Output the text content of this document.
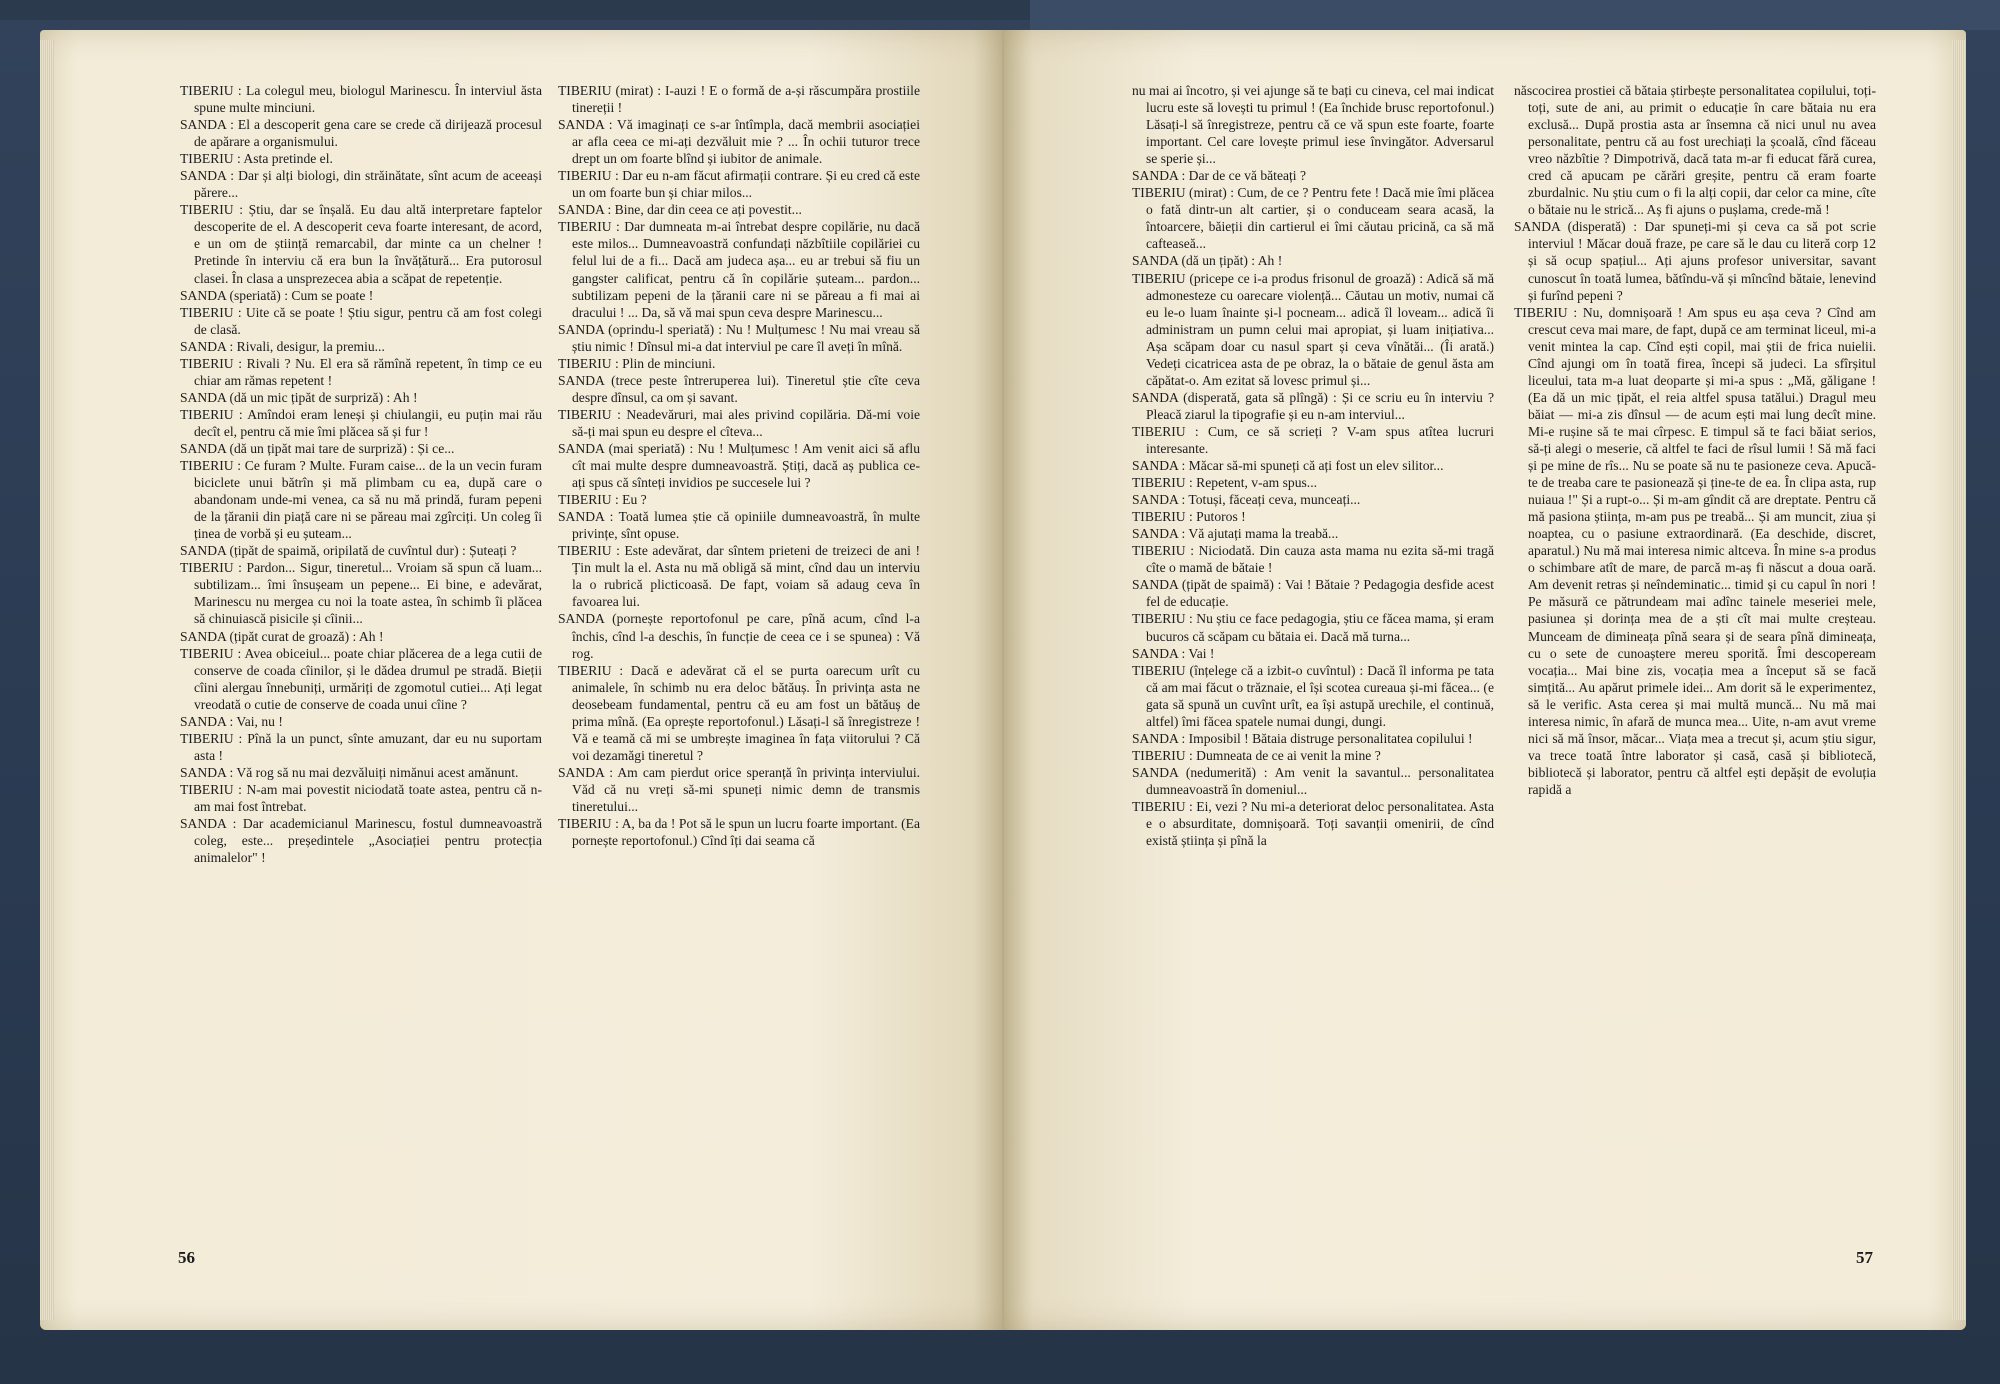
TIBERIU : La colegul meu, biologul Marinescu. În interviul ăsta spune multe minciuni.

SANDA : El a descoperit gena care se crede că dirijează procesul de apărare a organismului.

TIBERIU : Asta pretinde el.

SANDA : Dar și alți biologi, din străinătate, sînt acum de aceeași părere...

TIBERIU : Știu, dar se înșală. Eu dau altă interpretare faptelor descoperite de el. A descoperit ceva foarte interesant, de acord, e un om de știință remarcabil, dar minte ca un chelner ! Pretinde în interviu că era bun la învățătură... Era putorosul clasei. În clasa a unsprezecea abia a scăpat de repetenție.

SANDA (speriată) : Cum se poate !

TIBERIU : Uite că se poate ! Știu sigur, pentru că am fost colegi de clasă.

SANDA : Rivali, desigur, la premiu...

TIBERIU : Rivali ? Nu. El era să rămînă repetent, în timp ce eu chiar am rămas repetent !

SANDA (dă un mic țipăt de surpriză) : Ah !

TIBERIU : Amîndoi eram leneși și chiulangii, eu puțin mai rău decît el, pentru că mie îmi plăcea să și fur !

SANDA (dă un țipăt mai tare de surpriză) : Și ce...

TIBERIU : Ce furam ? Multe. Furam caise... de la un vecin furam biciclete unui bătrîn și mă plimbam cu ea, după care o abandonam unde-mi venea, ca să nu mă prindă, furam pepeni de la țăranii din piață care ni se păreau mai zgîrciți. Un coleg îi ținea de vorbă și eu șuteam...

SANDA (țipăt de spaimă, oripilată de cuvîntul dur) : Șuteați ?

TIBERIU : Pardon... Sigur, tineretul... Vroiam să spun că luam... subtilizam... îmi însușeam un pepene... Ei bine, e adevărat, Marinescu nu mergea cu noi la toate astea, în schimb îi plăcea să chinuiască pisicile și cîinii...

SANDA (țipăt curat de groază) : Ah !

TIBERIU : Avea obiceiul... poate chiar plăcerea de a lega cutii de conserve de coada cîinilor, și le dădea drumul pe stradă. Bieții cîini alergau înnebuniți, urmăriți de zgomotul cutiei... Ați legat vreodată o cutie de conserve de coada unui cîine ?

SANDA : Vai, nu !

TIBERIU : Pînă la un punct, sînte amuzant, dar eu nu suportam asta !

SANDA : Vă rog să nu mai dezvăluiți nimănui acest amănunt.

TIBERIU : N-am mai povestit niciodată toate astea, pentru că n-am mai fost întrebat.

SANDA : Dar academicianul Marinescu, fostul dumneavoastră coleg, este... președintele „Asociației pentru protecția animalelor" !

TIBERIU (mirat) : I-auzi ! E o formă de a-și răscumpăra prostiile tinereții !

SANDA : Vă imaginați ce s-ar întîmpla, dacă membrii asociației ar afla ceea ce mi-ați dezvăluit mie ? ... În ochii tuturor trece drept un om foarte blînd și iubitor de animale.

TIBERIU : Dar eu n-am făcut afirmații contrare. Și eu cred că este un om foarte bun și chiar milos...

SANDA : Bine, dar din ceea ce ați povestit...

TIBERIU : Dar dumneata m-ai întrebat despre copilărie, nu dacă este milos... Dumneavoastră confundați năzbîtiile copilăriei cu felul lui de a fi... Dacă am judeca așa... eu ar trebui să fiu un gangster calificat, pentru că în copilărie șuteam... pardon... subtilizam pepeni de la țăranii care ni se păreau a fi mai ai dracului ! ... Da, să vă mai spun ceva despre Marinescu...

SANDA (oprindu-l speriată) : Nu ! Mulțumesc ! Nu mai vreau să știu nimic ! Dînsul mi-a dat interviul pe care îl aveți în mînă.

TIBERIU : Plin de minciuni.

SANDA (trece peste întreruperea lui). Tineretul știe cîte ceva despre dînsul, ca om și savant.

TIBERIU : Neadevăruri, mai ales privind copilăria. Dă-mi voie să-ți mai spun eu despre el cîteva...

SANDA (mai speriată) : Nu ! Mulțumesc ! Am venit aici să aflu cît mai multe despre dumneavoastră. Știți, dacă aș publica ce-ați spus că sînteți invidios pe succesele lui ?

TIBERIU : Eu ?

SANDA : Toată lumea știe că opiniile dumneavoastră, în multe privințe, sînt opuse.

TIBERIU : Este adevărat, dar sîntem prieteni de treizeci de ani ! Țin mult la el. Asta nu mă obligă să mint, cînd dau un interviu la o rubrică plicticoasă. De fapt, voiam să adaug ceva în favoarea lui.

SANDA (pornește reportofonul pe care, pînă acum, cînd l-a închis, cînd l-a deschis, în funcție de ceea ce i se spunea) : Vă rog.

TIBERIU : Dacă e adevărat că el se purta oarecum urît cu animalele, în schimb nu era deloc bătăuș. În privința asta ne deosebeam fundamental, pentru că eu am fost un bătăuș de prima mînă. (Ea oprește reportofonul.) Lăsați-l să înregistreze ! Vă e teamă că mi se umbrește imaginea în fața viitorului ? Că voi dezamăgi tineretul ?

SANDA : Am cam pierdut orice speranță în privința interviului. Văd că nu vreți să-mi spuneți nimic demn de transmis tineretului...

TIBERIU : A, ba da ! Pot să le spun un lucru foarte important. (Ea pornește reportofonul.) Cînd îți dai seama că

56

nu mai ai încotro, și vei ajunge să te bați cu cineva, cel mai indicat lucru este să lovești tu primul ! (Ea închide brusc reportofonul.) Lăsați-l să înregistreze, pentru că ce vă spun este foarte, foarte important. Cel care lovește primul iese învingător. Adversarul se sperie și...

SANDA : Dar de ce vă băteați ?

TIBERIU (mirat) : Cum, de ce ? Pentru fete ! Dacă mie îmi plăcea o fată dintr-un alt cartier, și o conduceam seara acasă, la întoarcere, băieții din cartierul ei îmi căutau pricină, ca să mă cafteaseă...

SANDA (dă un țipăt) : Ah !

TIBERIU (pricepe ce i-a produs frisonul de groază) : Adică să mă admonesteze cu oarecare violență... Căutau un motiv, numai că eu le-o luam înainte și-l pocneam... adică îl loveam... adică îi administram un pumn celui mai apropiat, și luam inițiativa... Așa scăpam doar cu nasul spart și ceva vînătăi... (Îi arată.) Vedeți cicatricea asta de pe obraz, la o bătaie de genul ăsta am căpătat-o. Am ezitat să lovesc primul și...

SANDA (disperată, gata să plîngă) : Și ce scriu eu în interviu ? Pleacă ziarul la tipografie și eu n-am interviul...

TIBERIU : Cum, ce să scrieți ? V-am spus atîtea lucruri interesante.

SANDA : Măcar să-mi spuneți că ați fost un elev silitor...

TIBERIU : Repetent, v-am spus...

SANDA : Totuși, făceați ceva, munceați...

TIBERIU : Putoros !

SANDA : Vă ajutați mama la treabă...

TIBERIU : Niciodată. Din cauza asta mama nu ezita să-mi tragă cîte o mamă de bătaie !

SANDA (țipăt de spaimă) : Vai ! Bătaie ? Pedagogia desfide acest fel de educație.

TIBERIU : Nu știu ce face pedagogia, știu ce făcea mama, și eram bucuros că scăpam cu bătaia ei. Dacă mă turna...

SANDA : Vai !

TIBERIU (înțelege că a izbit-o cuvîntul) : Dacă îl informa pe tata că am mai făcut o trăznaie, el își scotea cureaua și-mi făcea... (e gata să spună un cuvînt urît, ea își astupă urechile, el continuă, altfel) îmi făcea spatele numai dungi, dungi.

SANDA : Imposibil ! Bătaia distruge personalitatea copilului !

TIBERIU : Dumneata de ce ai venit la mine ?

SANDA (nedumerită) : Am venit la savantul... personalitatea dumneavoastră în domeniul...

TIBERIU : Ei, vezi ? Nu mi-a deteriorat deloc personalitatea. Asta e o absurditate, domnișoară. Toți savanții omenirii, de cînd există știința și pînă la

născocirea prostiei că bătaia știrbește personalitatea copilului, toți-toți, sute de ani, au primit o educație în care bătaia nu era exclusă... După prostia asta ar însemna că nici unul nu avea personalitate, pentru că au fost urechiați la școală, cînd făceau vreo năzbîtie ? Dimpotrivă, dacă tata m-ar fi educat fără curea, cred că apucam pe cărări greșite, pentru că eram foarte zburdalnic. Nu știu cum o fi la alți copii, dar celor ca mine, cîte o bătaie nu le strică... Aș fi ajuns o pușlama, crede-mă !

SANDA (disperată) : Dar spuneți-mi și ceva ca să pot scrie interviul ! Măcar două fraze, pe care să le dau cu literă corp 12 și să ocup spațiul... Ați ajuns profesor universitar, savant cunoscut în toată lumea, bătîndu-vă și mîncînd bătaie, lenevind și furînd pepeni ?

TIBERIU : Nu, domnișoară ! Am spus eu așa ceva ? Cînd am crescut ceva mai mare, de fapt, după ce am terminat liceul, mi-a venit mintea la cap. Cînd ești copil, mai știi de frica nuielii. Cînd ajungi om în toată firea, începi să judeci. La sfîrșitul liceului, tata m-a luat deoparte și mi-a spus : „Mă, găligane ! (Ea dă un mic țipăt, el reia altfel spusa tatălui.) Dragul meu băiat — mi-a zis dînsul — de acum ești mai lung decît mine. Mi-e rușine să te mai cîrpesc. E timpul să te faci băiat serios, să-ți alegi o meserie, că altfel te faci de rîsul lumii ! Să mă faci și pe mine de rîs... Nu se poate să nu te pasioneze ceva. Apucă-te de treaba care te pasionează și ține-te de ea. În clipa asta, rup nuiaua !" Și a rupt-o... Și m-am gîndit că are dreptate. Pentru că mă pasiona știința, m-am pus pe treabă... Și am muncit, ziua și noaptea, cu o pasiune extraordinară. (Ea deschide, discret, aparatul.) Nu mă mai interesa nimic altceva. În mine s-a produs o schimbare atît de mare, de parcă m-aș fi născut a doua oară. Am devenit retras și neîndeminatic... timid și cu capul în nori ! Pe măsură ce pătrundeam mai adînc tainele meseriei mele, pasiunea și dorința mea de a ști cît mai multe creșteau. Munceam de dimineața pînă seara și de seara pînă dimineața, cu o sete de cunoaștere mereu sporită. Îmi descopeream vocația... Mai bine zis, vocația mea a început să se facă simțită... Au apărut primele idei... Am dorit să le experimentez, să le verific. Asta cerea și mai multă muncă... Nu mă mai interesa nimic, în afară de munca mea... Uite, n-am avut vreme nici să mă însor, măcar... Viața mea a trecut și, acum știu sigur, va trece toată între laborator și casă, casă și bibliotecă, bibliotecă și laborator, pentru că altfel ești depășit de evoluția rapidă a

57
